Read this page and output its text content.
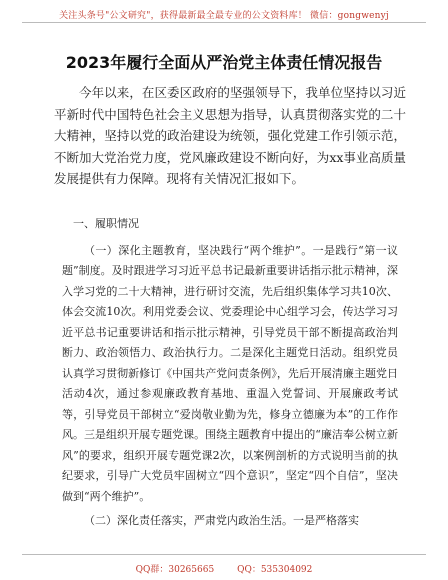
关注头条号"公文研究"，获得最新最全最专业的公文资料库！ 微信：gongwenyj
2023年履行全面从严治党主体责任情况报告

今年以来，在区委区政府的坚强领导下，我单位坚持以习近平新时代中国特色社会主义思想为指导，认真贯彻落实党的二十大精神，坚持以党的政治建设为统领，强化党建工作引领示范，不断加大党治党力度，党风廉政建设不断向好，为xx事业高质量发展提供有力保障。现将有关情况汇报如下。

一、履职情况

（一）深化主题教育，坚决践行“两个维护”。一是践行“第一议题”制度。及时跟进学习习近平总书记最新重要讲话指示批示精神，深入学习党的二十大精神，进行研讨交流，先后组织集体学习共10次、体会交流10次。利用党委会议、党委理论中心组学习会，传达学习习近平总书记重要讲话和指示批示精神，引导党员干部不断提高政治判断力、政治领悟力、政治执行力。二是深化主题党日活动。组织党员认真学习贯彻新修订《中国共产党问责条例》，先后开展清廉主题党日活动4次，通过参观廉政教育基地、重温入党誓词、开展廉政考试等，引导党员干部树立“爱岗敬业勤为先，修身立德廉为本”的工作作风。三是组织开展专题党课。围绕主题教育中提出的“廉洁奉公树立新风”的要求，组织开展专题党课2次，以案例剖析的方式说明当前的执纪要求，引导广大党员牢固树立“四个意识”，坚定“四个自信”，坚决做到“两个维护”。

（二）深化责任落实，严肃党内政治生活。一是严格落实

QQ群：30265665	QQ：535304092
